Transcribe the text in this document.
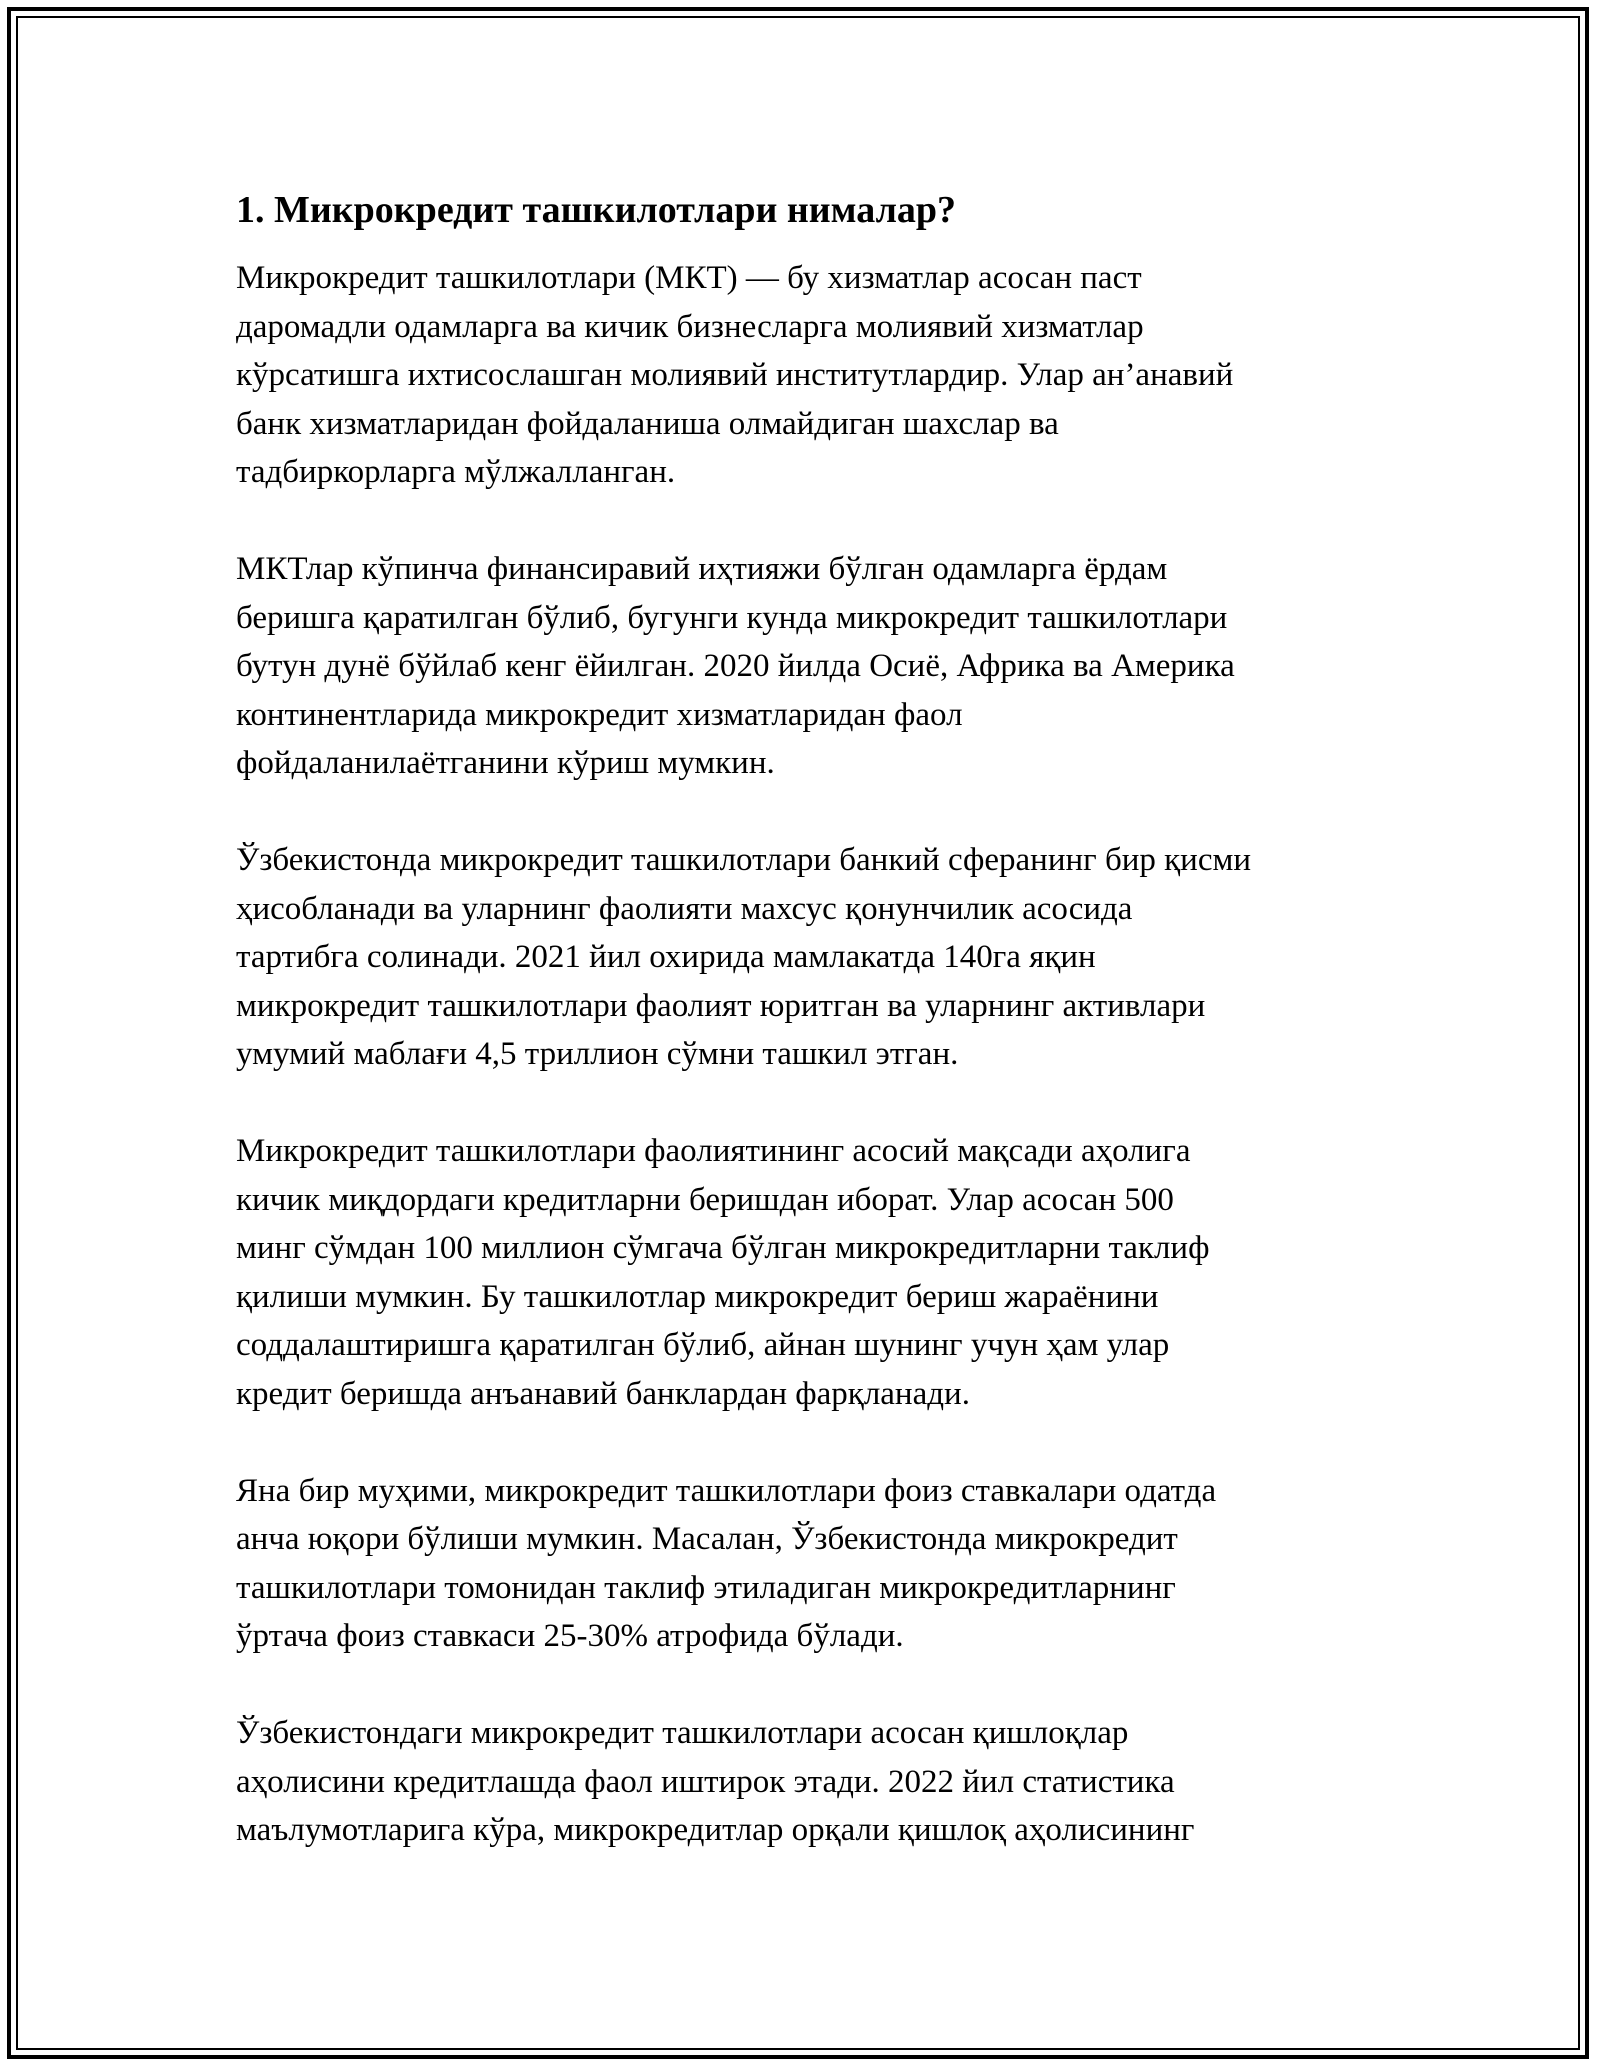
1. Микрокредит ташкилотлари нималар?

Микрокредит ташкилотлари (МКТ) — бу хизматлар асосан паст
даромадли одамларга ва кичик бизнесларга молиявий хизматлар
кўрсатишга ихтисослашган молиявий институтлардир. Улар ан’анавий
банк хизматларидан фойдаланиша олмайдиган шахслар ва
тадбиркорларга мўлжалланган.

МКТлар кўпинча финансиравий иҳтияжи бўлган одамларга ёрдам
беришга қаратилган бўлиб, бугунги кунда микрокредит ташкилотлари
бутун дунё бўйлаб кенг ёйилган. 2020 йилда Осиё, Африка ва Америка
континентларида микрокредит хизматларидан фаол
фойдаланилаётганини кўриш мумкин.

Ўзбекистонда микрокредит ташкилотлари банкий сферанинг бир қисми
ҳисобланади ва уларнинг фаолияти махсус қонунчилик асосида
тартибга солинади. 2021 йил охирида мамлакатда 140га яқин
микрокредит ташкилотлари фаолият юритган ва уларнинг активлари
умумий маблағи 4,5 триллион сўмни ташкил этган.

Микрокредит ташкилотлари фаолиятининг асосий мақсади аҳолига
кичик миқдордаги кредитларни беришдан иборат. Улар асосан 500
минг сўмдан 100 миллион сўмгача бўлган микрокредитларни таклиф
қилиши мумкин. Бу ташкилотлар микрокредит бериш жараёнини
соддалаштиришга қаратилган бўлиб, айнан шунинг учун ҳам улар
кредит беришда анъанавий банклардан фарқланади.

Яна бир муҳими, микрокредит ташкилотлари фоиз ставкалари одатда
анча юқори бўлиши мумкин. Масалан, Ўзбекистонда микрокредит
ташкилотлари томонидан таклиф этиладиган микрокредитларнинг
ўртача фоиз ставкаси 25-30% атрофида бўлади.

Ўзбекистондаги микрокредит ташкилотлари асосан қишлоқлар
аҳолисини кредитлашда фаол иштирок этади. 2022 йил статистика
маълумотларига кўра, микрокредитлар орқали қишлоқ аҳолисининг
